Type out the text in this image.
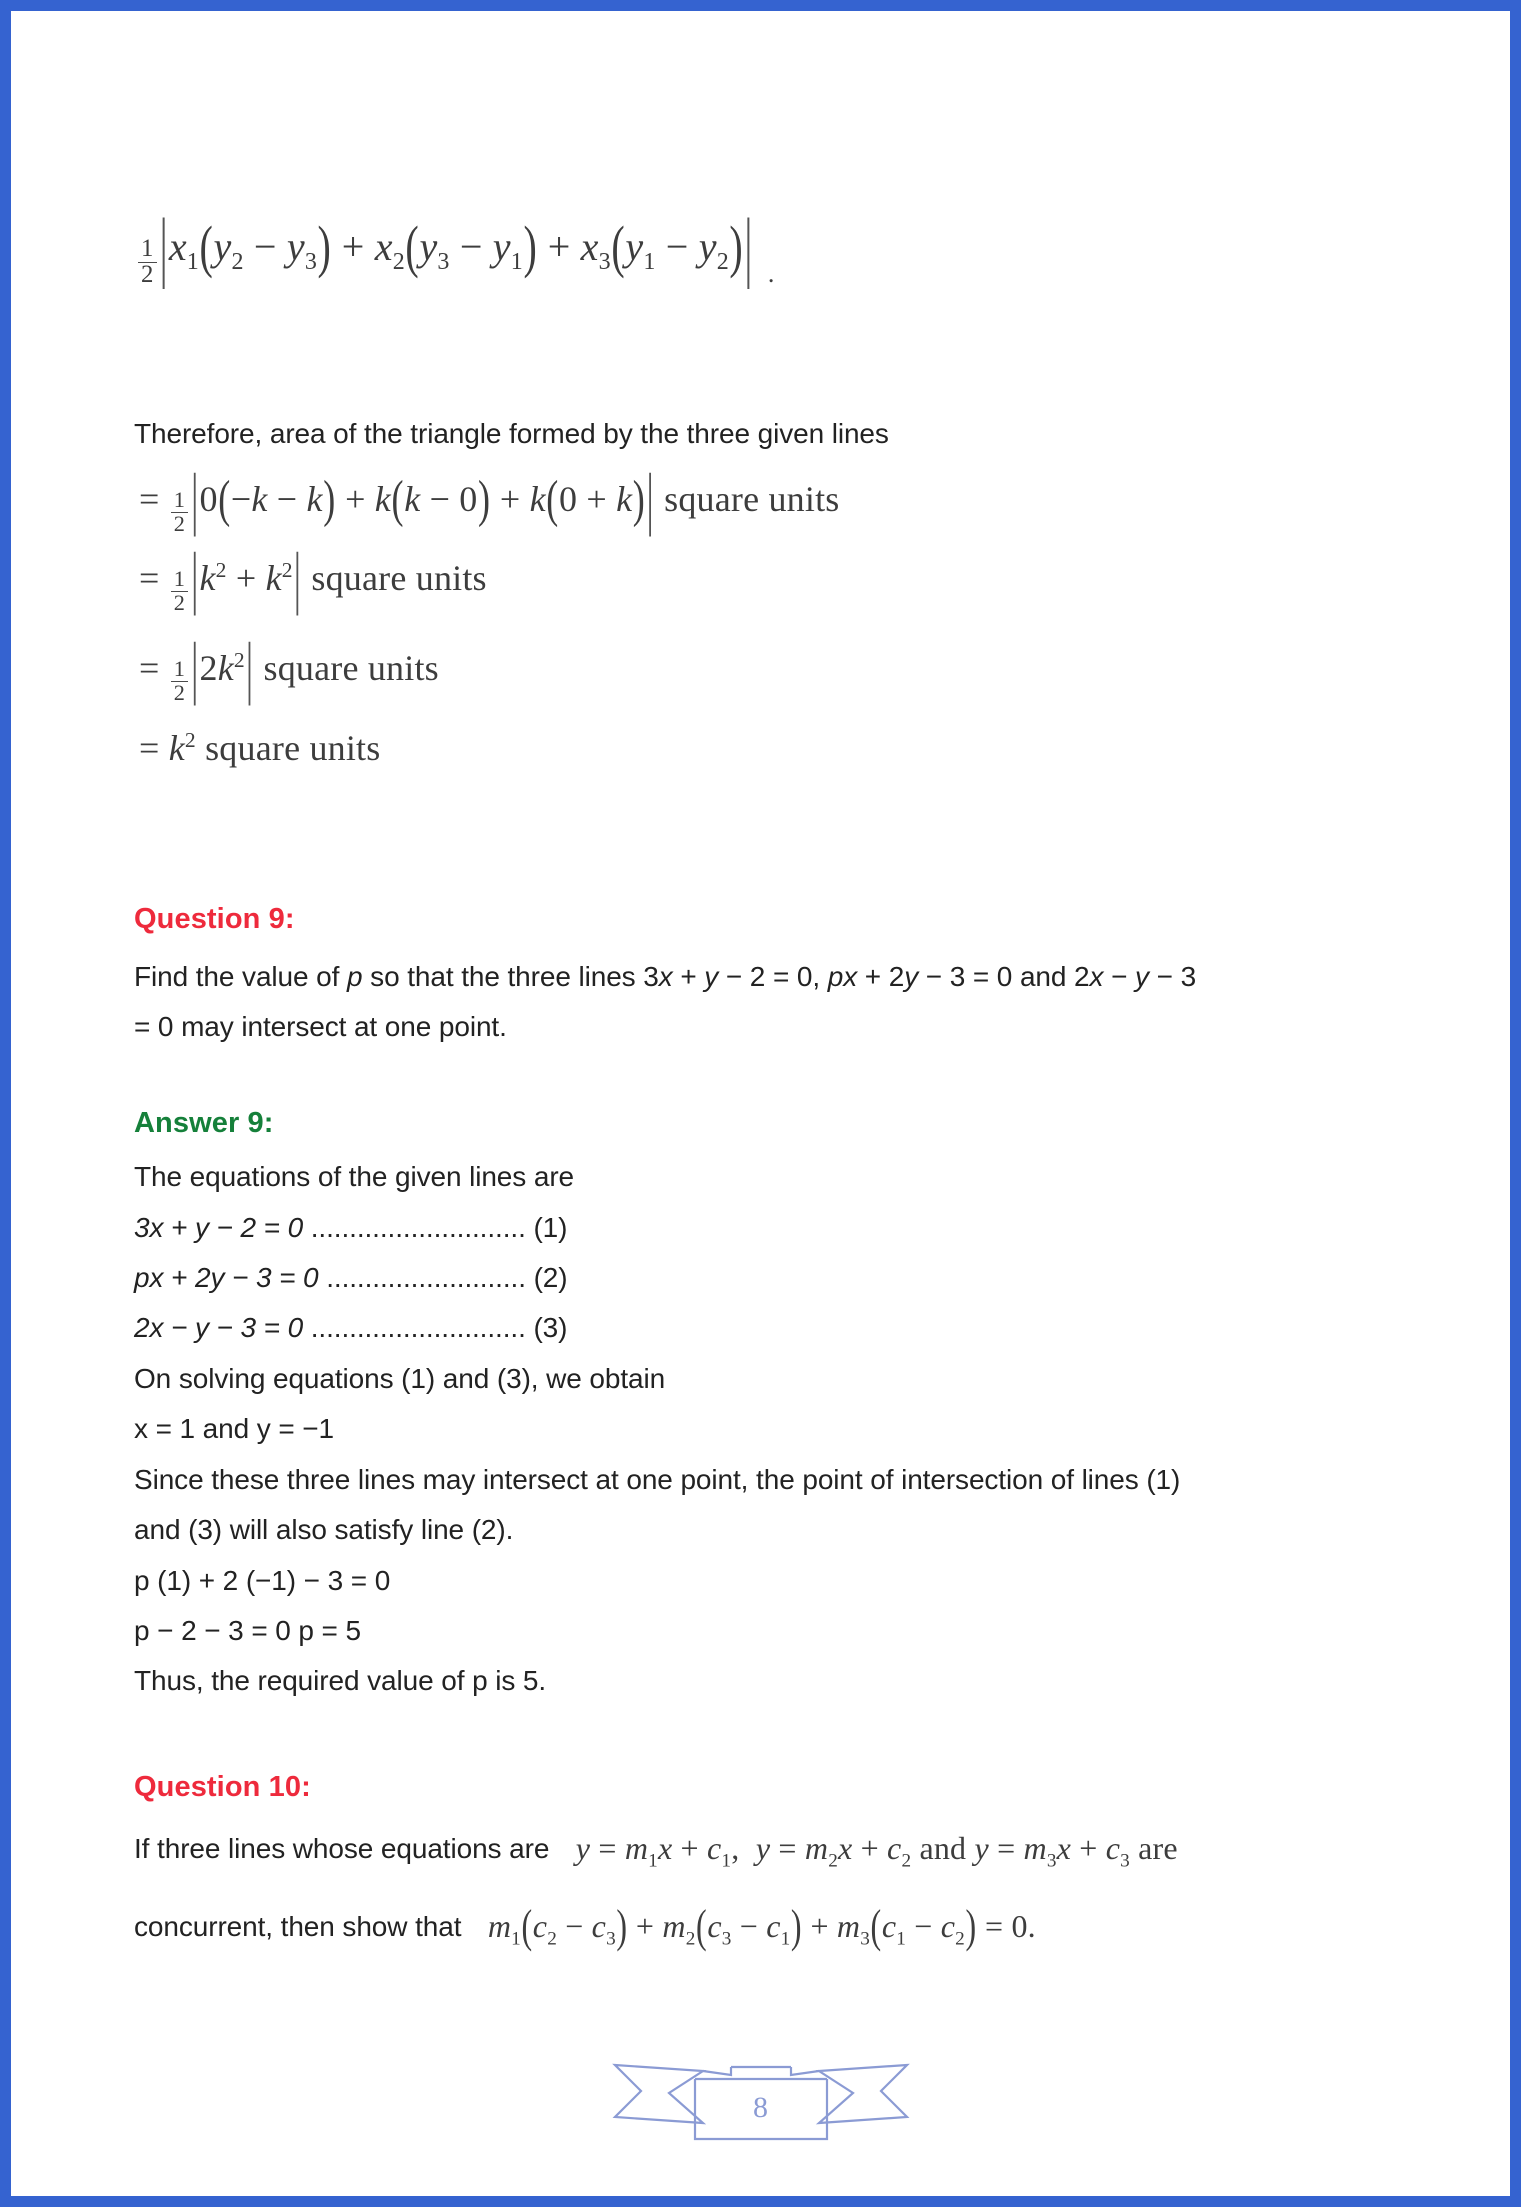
$\frac{1}{2} |x_1(y_2 - y_3) + x_2(y_3 - y_1) + x_3(y_1 - y_2)|$ .
Therefore, area of the triangle formed by the three given lines
= $\frac{1}{2} |0(-k - k) + k(k - 0) + k(0 + k)|$ square units
= $\frac{1}{2} |k^2 + k^2|$ square units
= $\frac{1}{2} |2k^2|$ square units
= $k^2$ square units
Question 9:
Find the value of p so that the three lines 3x + y − 2 = 0, px + 2y − 3 = 0 and 2x − y − 3
= 0 may intersect at one point.
Answer 9:
The equations of the given lines are
3x + y − 2 = 0 ............................ (1)
px + 2y − 3 = 0 .......................... (2)
2x − y − 3 = 0 ............................ (3)
On solving equations (1) and (3), we obtain
x = 1 and y = −1
Since these three lines may intersect at one point, the point of intersection of lines (1)
and (3) will also satisfy line (2).
p (1) + 2 (−1) − 3 = 0
p − 2 − 3 = 0 p = 5
Thus, the required value of p is 5.
Question 10:
If three lines whose equations are $y = m_1x + c_1$,  $y = m_2x + c_2$ and $y = m_3x + c_3$ are
concurrent, then show that $m_1(c_2 - c_3) + m_2(c_3 - c_1) + m_3(c_1 - c_2) = 0$.
8
